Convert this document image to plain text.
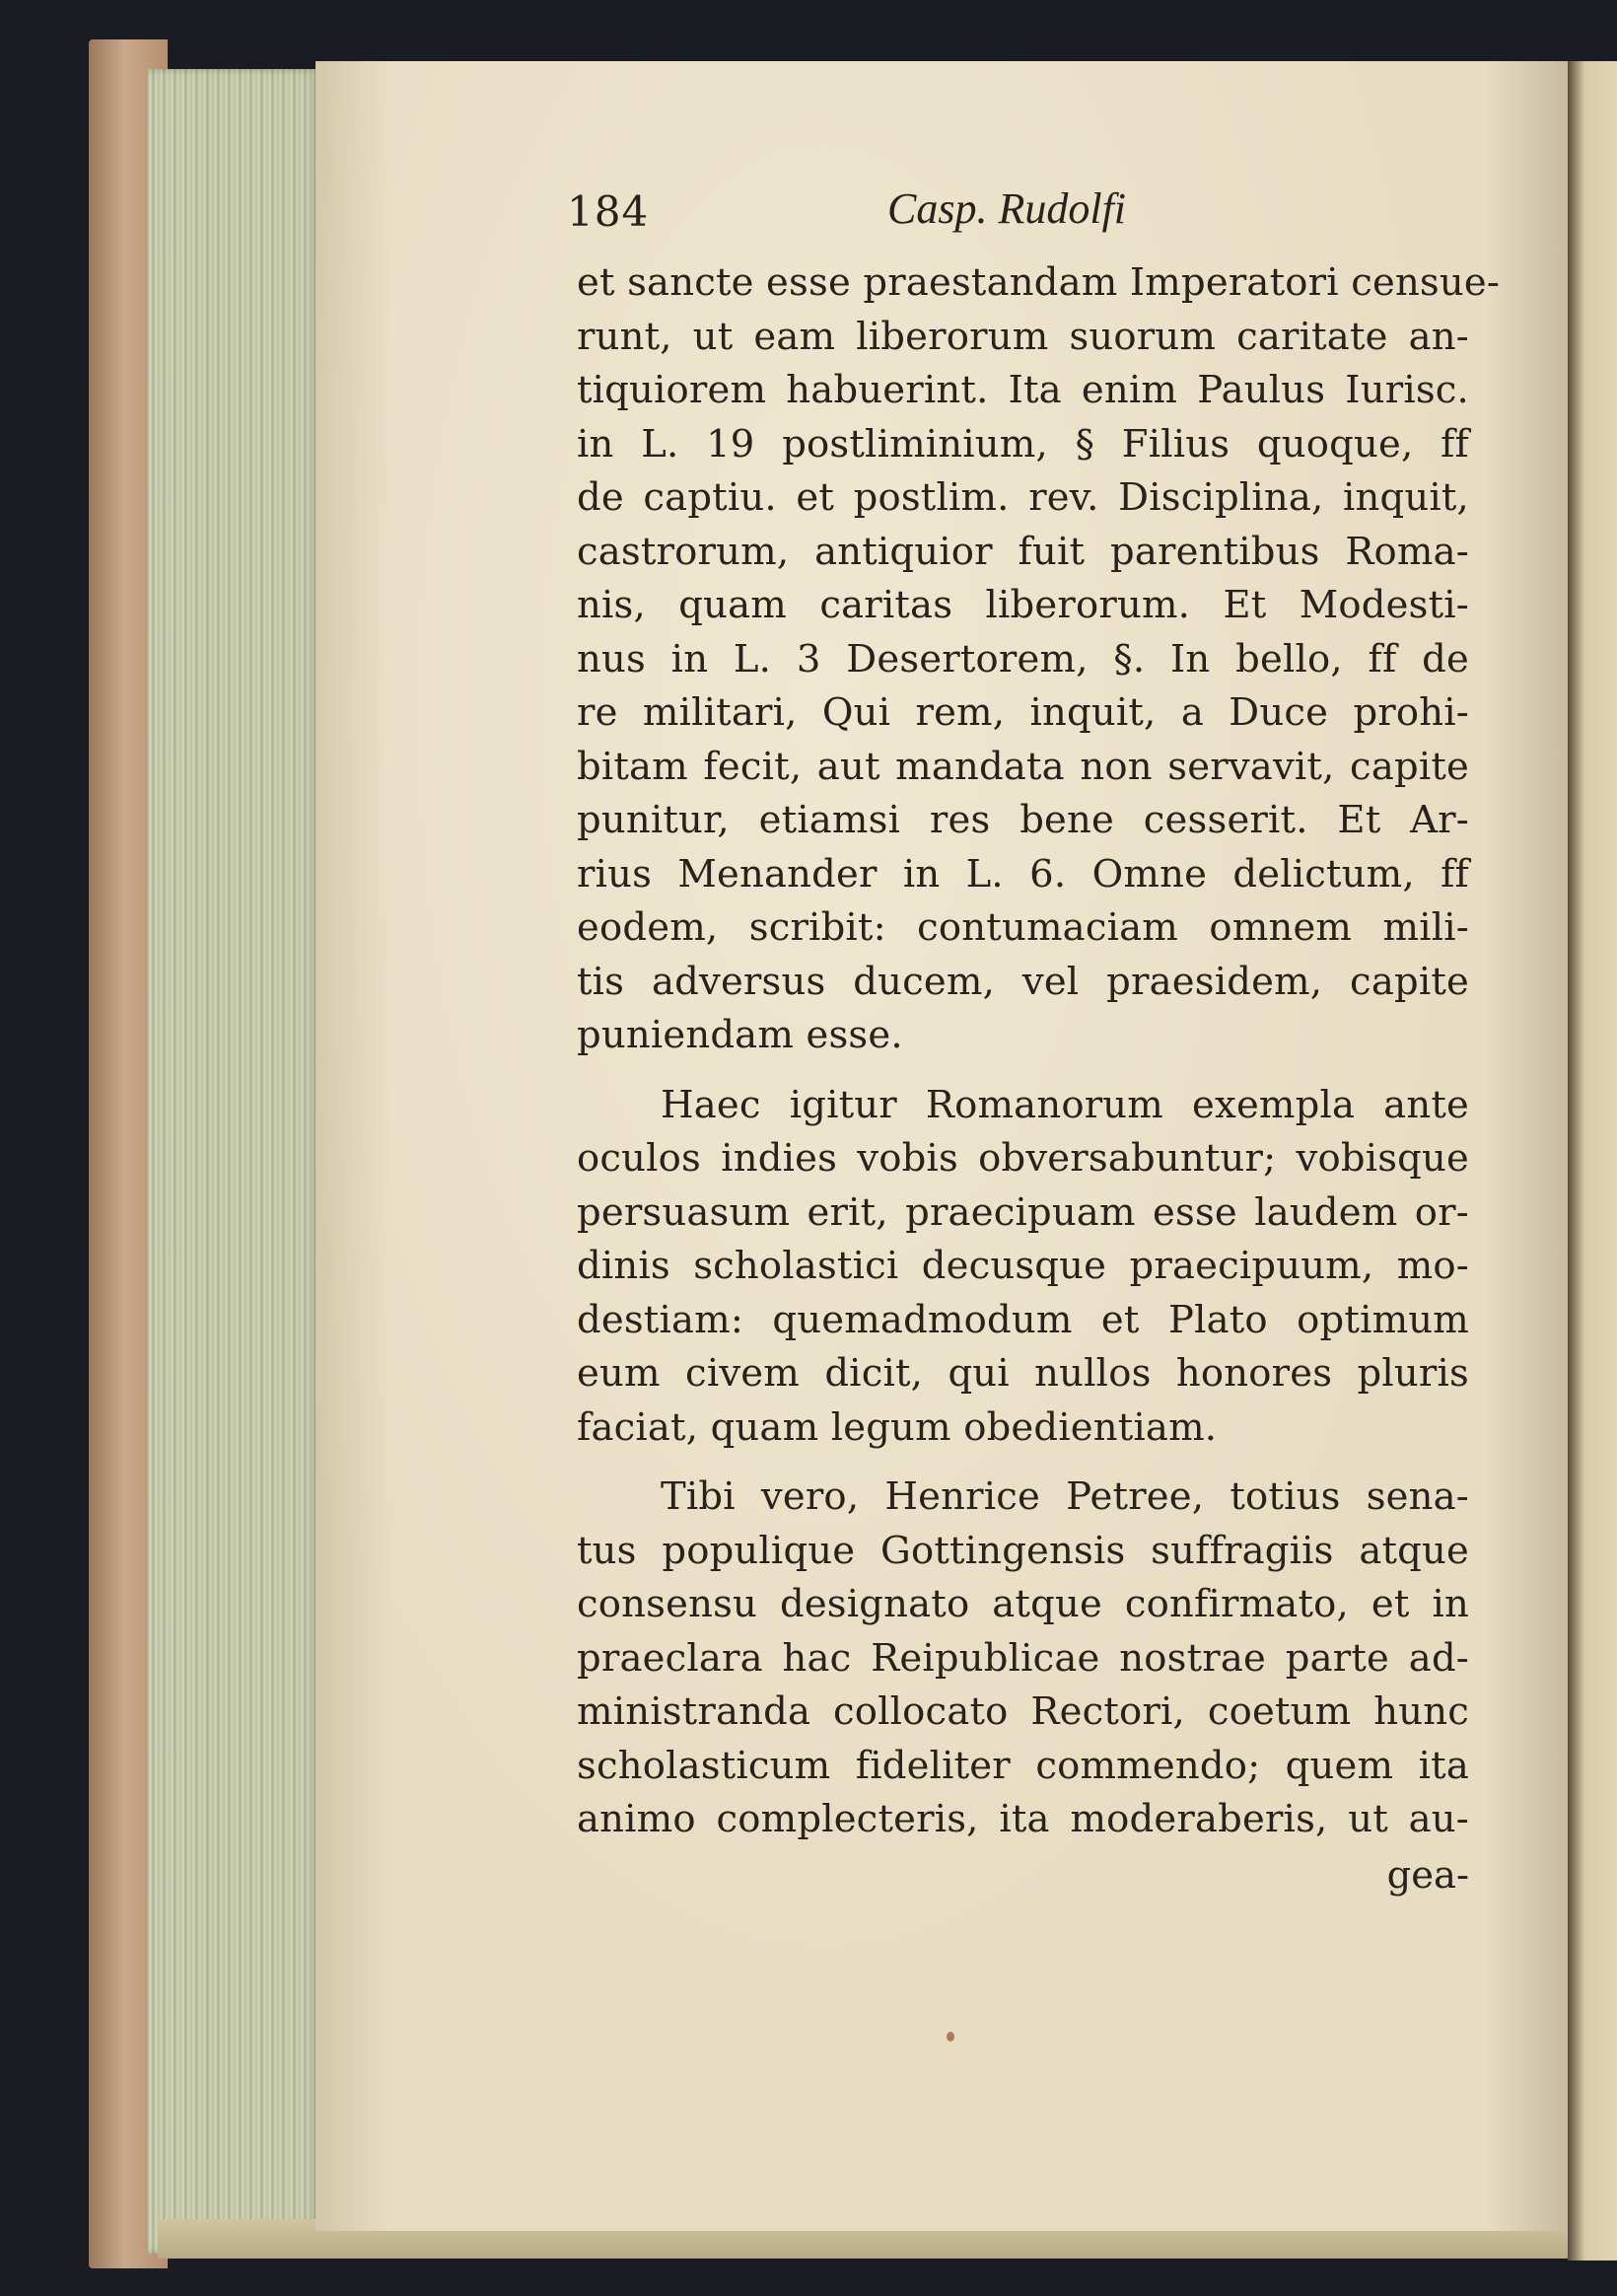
184	Casp. Rudolfi
et sancte esse praestandam Imperatori censue-
runt, ut eam liberorum suorum caritate an-
tiquiorem habuerint. Ita enim Paulus Iurisc.
in L. 19 postliminium, § Filius quoque, ff
de captiu. et postlim. rev. Disciplina, inquit,
castrorum, antiquior fuit parentibus Roma-
nis, quam caritas liberorum. Et Modesti-
nus in L. 3 Desertorem, §. In bello, ff de
re militari, Qui rem, inquit, a Duce prohi-
bitam fecit, aut mandata non servavit, capite
punitur, etiamsi res bene cesserit. Et Ar-
rius Menander in L. 6. Omne delictum, ff
eodem, scribit: contumaciam omnem mili-
tis adversus ducem, vel praesidem, capite
puniendam esse.
Haec igitur Romanorum exempla ante
oculos indies vobis obversabuntur; vobisque
persuasum erit, praecipuam esse laudem or-
dinis scholastici decusque praecipuum, mo-
destiam: quemadmodum et Plato optimum
eum civem dicit, qui nullos honores pluris
faciat, quam legum obedientiam.
Tibi vero, Henrice Petree, totius sena-
tus populique Gottingensis suffragiis atque
consensu designato atque confirmato, et in
praeclara hac Reipublicae nostrae parte ad-
ministranda collocato Rectori, coetum hunc
scholasticum fideliter commendo; quem ita
animo complecteris, ita moderaberis, ut au-
gea-
